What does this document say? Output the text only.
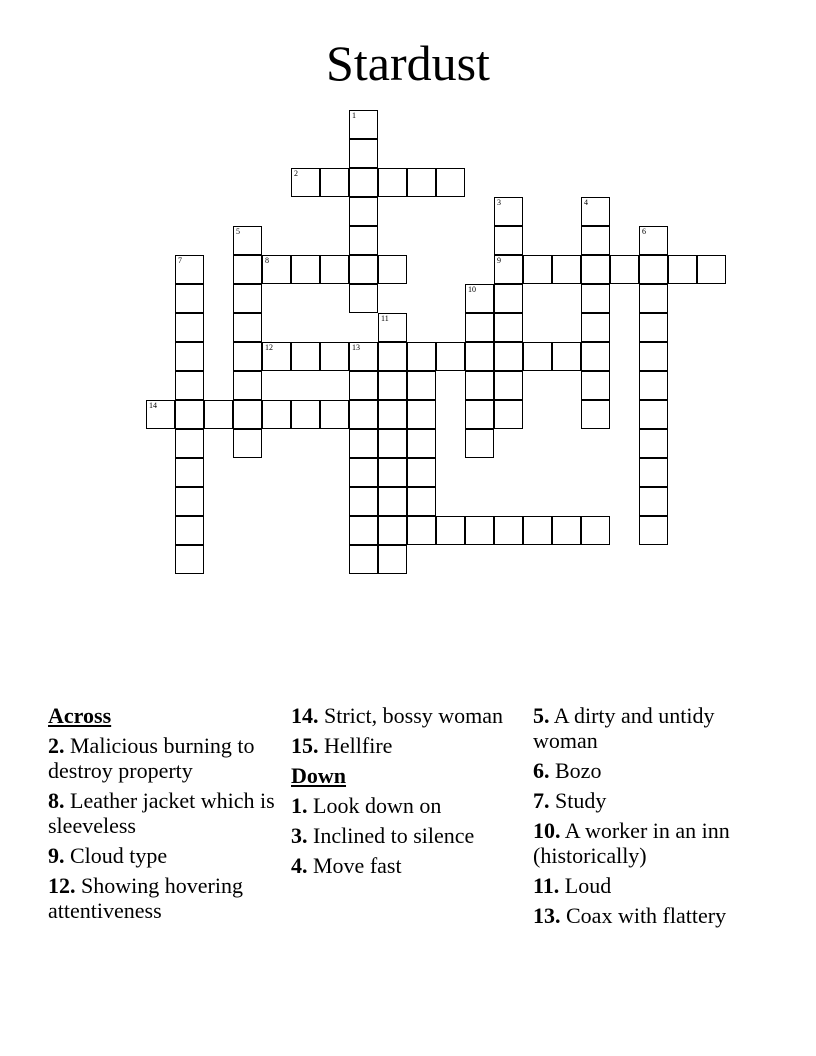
Stardust
1
2
3
9
4
5	6
7	8
10
11
12	13
14
Across
2. Malicious burning to destroy property
8. Leather jacket which is sleeveless
9. Cloud type
12. Showing hovering attentiveness
14. Strict, bossy woman
15. Hellfire
Down
1. Look down on
3. Inclined to silence
4. Move fast
5. A dirty and untidy woman
6. Bozo
7. Study
10. A worker in an inn (historically)
11. Loud
13. Coax with flattery
